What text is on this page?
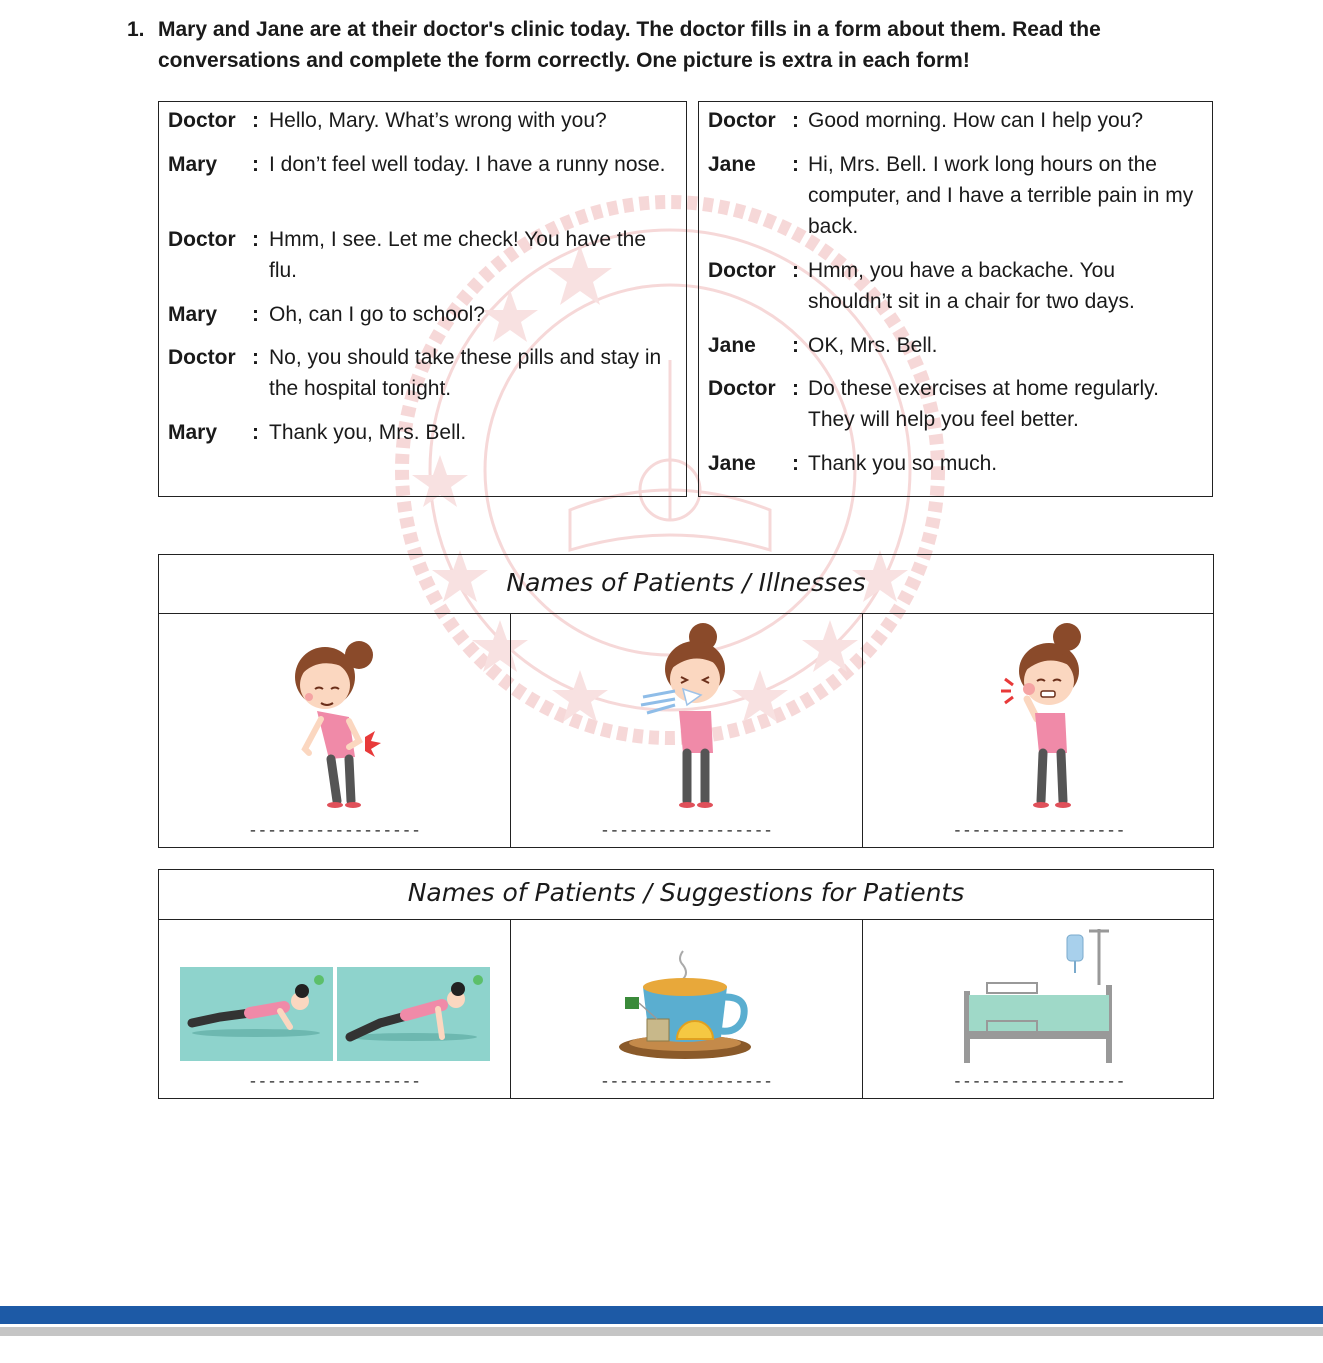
1. Mary and Jane are at their doctor's clinic today. The doctor fills in a form about them. Read the conversations and complete the form correctly. One picture is extra in each form!
Doctor : Hello, Mary. What’s wrong with you?
Mary : I don’t feel well today. I have a runny nose.
Doctor : Hmm, I see. Let me check! You have the flu.
Mary : Oh, can I go to school?
Doctor : No, you should take these pills and stay in the hospital tonight.
Mary : Thank you, Mrs. Bell.
Doctor : Good morning. How can I help you?
Jane : Hi, Mrs. Bell. I work long hours on the computer, and I have a terrible pain in my back.
Doctor : Hmm, you have a backache. You shouldn’t sit in a chair for two days.
Jane : OK, Mrs. Bell.
Doctor : Do these exercises at home regularly. They will help you feel better.
Jane : Thank you so much.
Names of Patients / Illnesses
------------------	------------------	------------------
Names of Patients / Suggestions for Patients
------------------	------------------	------------------
